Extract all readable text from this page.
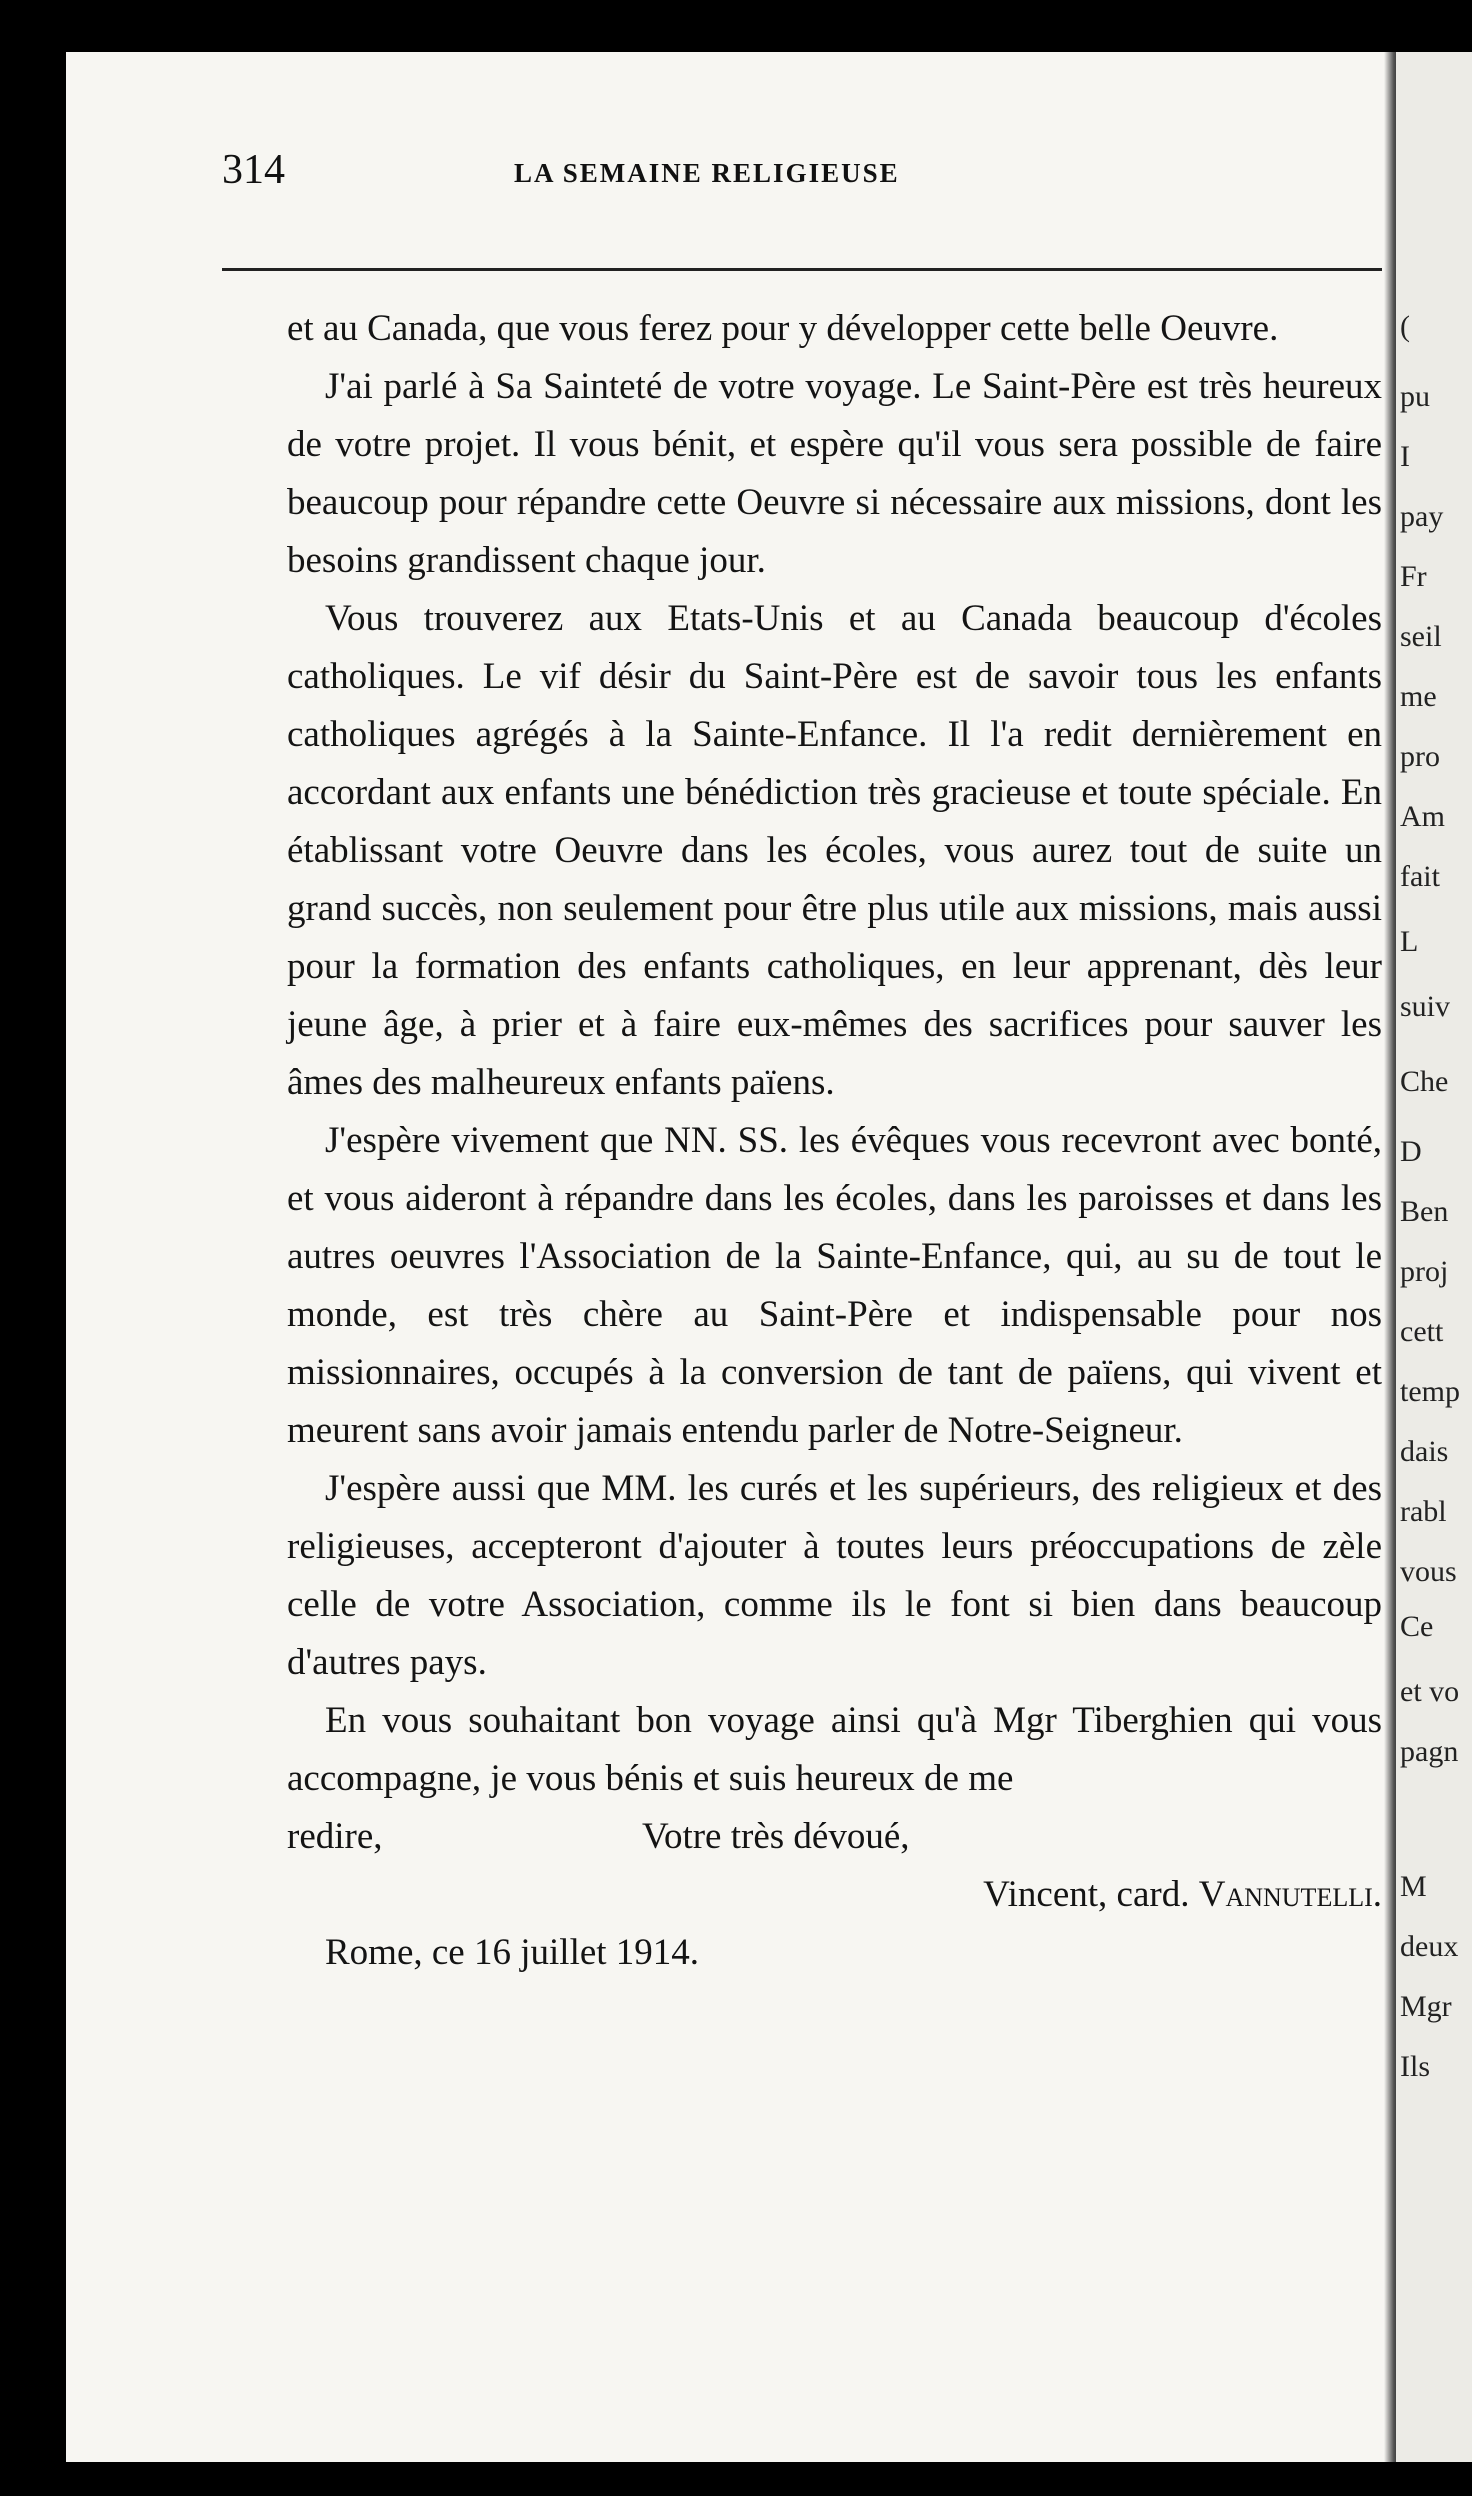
314	LA SEMAINE RELIGIEUSE

et au Canada, que vous ferez pour y développer cette belle Oeuvre.

J'ai parlé à Sa Sainteté de votre voyage. Le Saint-Père est très heureux de votre projet. Il vous bénit, et espère qu'il vous sera possible de faire beaucoup pour répandre cette Oeuvre si nécessaire aux missions, dont les besoins grandissent chaque jour.

Vous trouverez aux Etats-Unis et au Canada beaucoup d'écoles catholiques. Le vif désir du Saint-Père est de savoir tous les enfants catholiques agrégés à la Sainte-Enfance. Il l'a redit dernièrement en accordant aux enfants une bénédiction très gracieuse et toute spéciale. En établissant votre Oeuvre dans les écoles, vous aurez tout de suite un grand succès, non seulement pour être plus utile aux missions, mais aussi pour la formation des enfants catholiques, en leur apprenant, dès leur jeune âge, à prier et à faire eux-mêmes des sacrifices pour sauver les âmes des malheureux enfants païens.

J'espère vivement que NN. SS. les évêques vous recevront avec bonté, et vous aideront à répandre dans les écoles, dans les paroisses et dans les autres oeuvres l'Association de la Sainte-Enfance, qui, au su de tout le monde, est très chère au Saint-Père et indispensable pour nos missionnaires, occupés à la conversion de tant de païens, qui vivent et meurent sans avoir jamais entendu parler de Notre-Seigneur.

J'espère aussi que MM. les curés et les supérieurs, des religieux et des religieuses, accepteront d'ajouter à toutes leurs préoccupations de zèle celle de votre Association, comme ils le font si bien dans beaucoup d'autres pays.

En vous souhaitant bon voyage ainsi qu'à Mgr Tiberghien qui vous accompagne, je vous bénis et suis heureux de me

redire,	Votre très dévoué,
Vincent, card. Vannutelli.

Rome, ce 16 juillet 1914.

(
pu
I
pay
Fr
seil
me
pro
Am
fait
L
suiv
Che
D
Ben
proj
cett
temp
dais
rabl
vous
Ce
et vo
pagn
M
deux
Mgr
Ils
